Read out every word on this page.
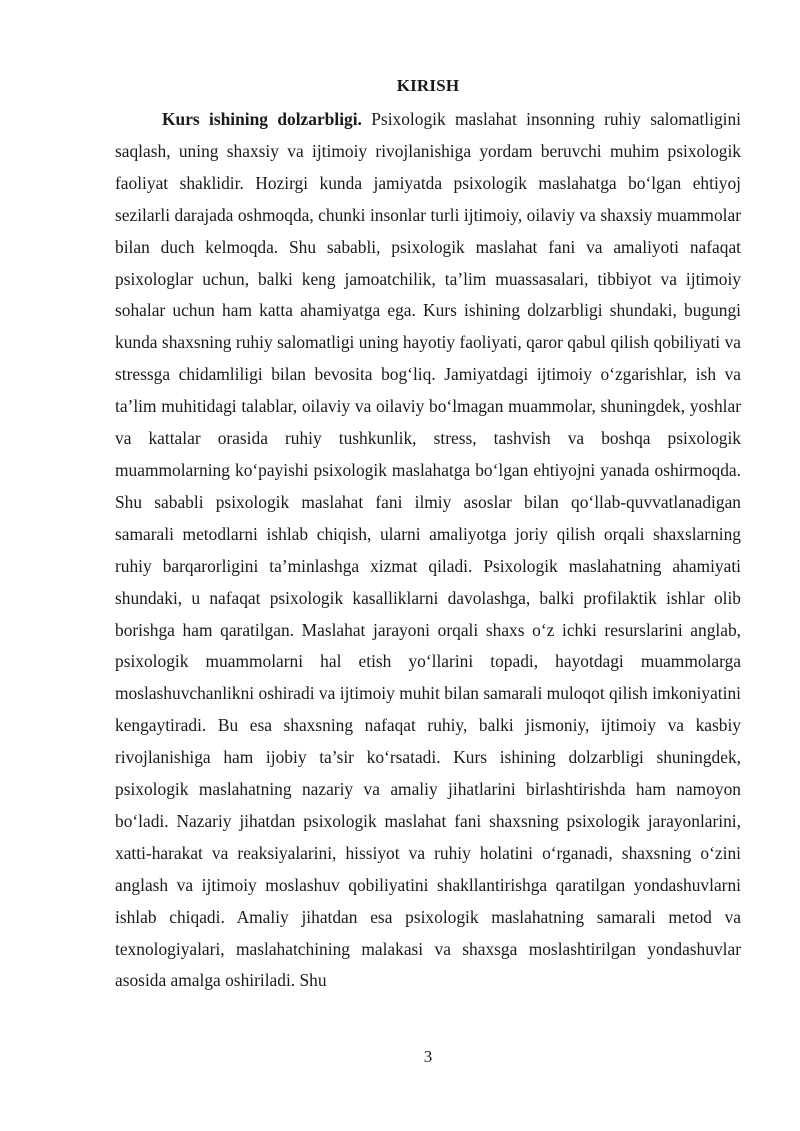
KIRISH

Kurs ishining dolzarbligi. Psixologik maslahat insonning ruhiy salomatligini saqlash, uning shaxsiy va ijtimoiy rivojlanishiga yordam beruvchi muhim psixologik faoliyat shaklidir. Hozirgi kunda jamiyatda psixologik maslahatga bo‘lgan ehtiyoj sezilarli darajada oshmoqda, chunki insonlar turli ijtimoiy, oilaviy va shaxsiy muammolar bilan duch kelmoqda. Shu sababli, psixologik maslahat fani va amaliyoti nafaqat psixologlar uchun, balki keng jamoatchilik, ta’lim muassasalari, tibbiyot va ijtimoiy sohalar uchun ham katta ahamiyatga ega. Kurs ishining dolzarbligi shundaki, bugungi kunda shaxsning ruhiy salomatligi uning hayotiy faoliyati, qaror qabul qilish qobiliyati va stressga chidamliligi bilan bevosita bog‘liq. Jamiyatdagi ijtimoiy o‘zgarishlar, ish va ta’lim muhitidagi talablar, oilaviy va oilaviy bo‘lmagan muammolar, shuningdek, yoshlar va kattalar orasida ruhiy tushkunlik, stress, tashvish va boshqa psixologik muammolarning ko‘payishi psixologik maslahatga bo‘lgan ehtiyojni yanada oshirmoqda. Shu sababli psixologik maslahat fani ilmiy asoslar bilan qo‘llab-quvvatlanadigan samarali metodlarni ishlab chiqish, ularni amaliyotga joriy qilish orqali shaxslarning ruhiy barqarorligini ta’minlashga xizmat qiladi. Psixologik maslahatning ahamiyati shundaki, u nafaqat psixologik kasalliklarni davolashga, balki profilaktik ishlar olib borishga ham qaratilgan. Maslahat jarayoni orqali shaxs o‘z ichki resurslarini anglab, psixologik muammolarni hal etish yo‘llarini topadi, hayotdagi muammolarga moslashuvchanlikni oshiradi va ijtimoiy muhit bilan samarali muloqot qilish imkoniyatini kengaytiradi. Bu esa shaxsning nafaqat ruhiy, balki jismoniy, ijtimoiy va kasbiy rivojlanishiga ham ijobiy ta’sir ko‘rsatadi. Kurs ishining dolzarbligi shuningdek, psixologik maslahatning nazariy va amaliy jihatlarini birlashtirishda ham namoyon bo‘ladi. Nazariy jihatdan psixologik maslahat fani shaxsning psixologik jarayonlarini, xatti-harakat va reaksiyalarini, hissiyot va ruhiy holatini o‘rganadi, shaxsning o‘zini anglash va ijtimoiy moslashuv qobiliyatini shakllantirishga qaratilgan yondashuvlarni ishlab chiqadi. Amaliy jihatdan esa psixologik maslahatning samarali metod va texnologiyalari, maslahatchining malakasi va shaxsga moslashtirilgan yondashuvlar asosida amalga oshiriladi. Shu

3
